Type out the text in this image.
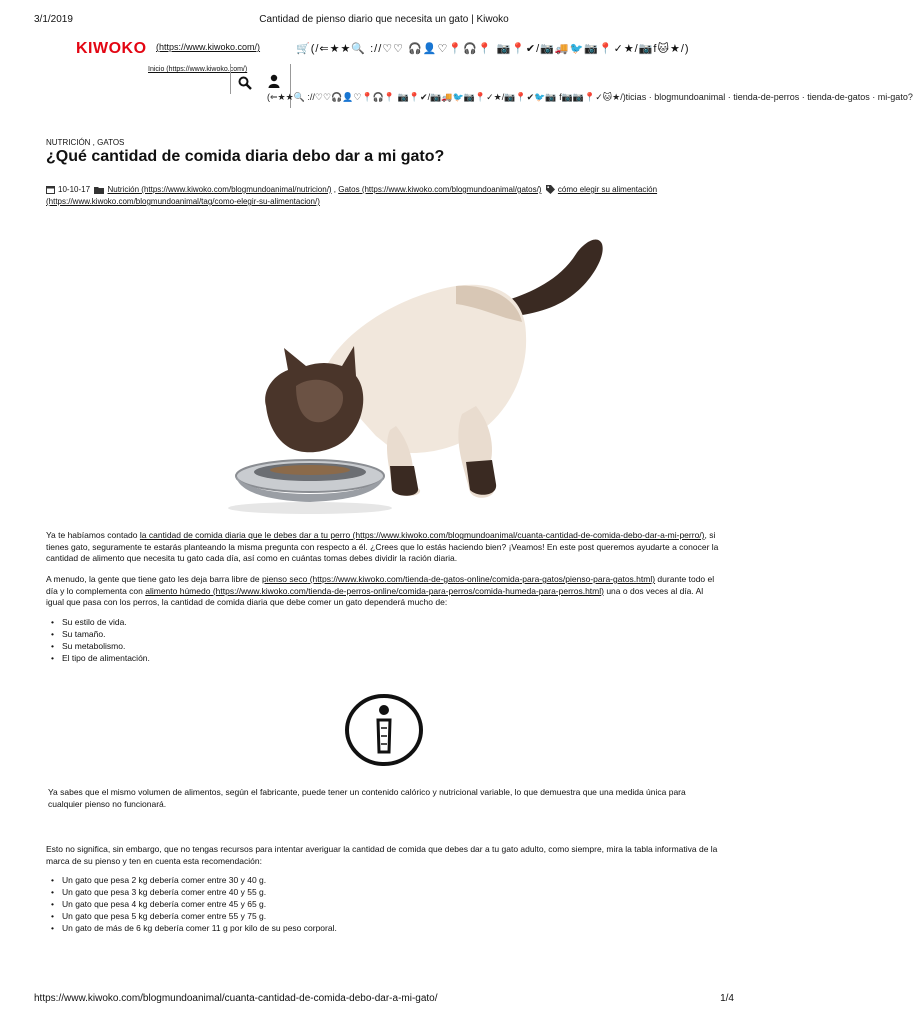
3/1/2019	Cantidad de pienso diario que necesita un gato | Kiwoko
KIWOKO (https://www.kiwoko.com/)	🛒(/⇐★★🔍 ://♡♡ 🎧👤♡📍🎧📍 📷📍✔/📷🚚🐦📷📍✓★/📷f🐱★/)
Inicio (https://www.kiwoko.com/)
(⇐★★🔍 ://♡♡🎧👤♡📍🎧📍 📷📍✔/📷🚚🐦📷📍✓★/📷📍✔🐦📷 f📷📷📍✓🐱★/)ticias · blogmundoanimal · tienda-de-perros · tienda-de-gatos · mi-gato?
NUTRICIÓN , GATOS
¿Qué cantidad de comida diaria debo dar a mi gato?
10-10-17 Nutrición (https://www.kiwoko.com/blogmundoanimal/nutricion/) , Gatos (https://www.kiwoko.com/blogmundoanimal/gatos/) cómo elegir su alimentación
(https://www.kiwoko.com/blogmundoanimal/tag/como-elegir-su-alimentacion/)
Ya te habíamos contado la cantidad de comida diaria que le debes dar a tu perro (https://www.kiwoko.com/blogmundoanimal/cuanta-cantidad-de-comida-debo-dar-a-mi-perro/), si tienes gato, seguramente te estarás planteando la misma pregunta con respecto a él. ¿Crees que lo estás haciendo bien? ¡Veamos! En este post queremos ayudarte a conocer la cantidad de alimento que necesita tu gato cada día, así como en cuántas tomas debes dividir la ración diaria.
A menudo, la gente que tiene gato les deja barra libre de pienso seco (https://www.kiwoko.com/tienda-de-gatos-online/comida-para-gatos/pienso-para-gatos.html) durante todo el día y lo complementa con alimento húmedo (https://www.kiwoko.com/tienda-de-perros-online/comida-para-perros/comida-humeda-para-perros.html) una o dos veces al día. Al igual que pasa con los perros, la cantidad de comida diaria que debe comer un gato dependerá mucho de:
• Su estilo de vida.
• Su tamaño.
• Su metabolismo.
• El tipo de alimentación.
Ya sabes que el mismo volumen de alimentos, según el fabricante, puede tener un contenido calórico y nutricional variable, lo que demuestra que una medida única para cualquier pienso no funcionará.
Esto no significa, sin embargo, que no tengas recursos para intentar averiguar la cantidad de comida que debes dar a tu gato adulto, como siempre, mira la tabla informativa de la marca de su pienso y ten en cuenta esta recomendación:
• Un gato que pesa 2 kg debería comer entre 30 y 40 g.
• Un gato que pesa 3 kg debería comer entre 40 y 55 g.
• Un gato que pesa 4 kg debería comer entre 45 y 65 g.
• Un gato que pesa 5 kg debería comer entre 55 y 75 g.
• Un gato de más de 6 kg debería comer 11 g por kilo de su peso corporal.
https://www.kiwoko.com/blogmundoanimal/cuanta-cantidad-de-comida-debo-dar-a-mi-gato/	1/4
